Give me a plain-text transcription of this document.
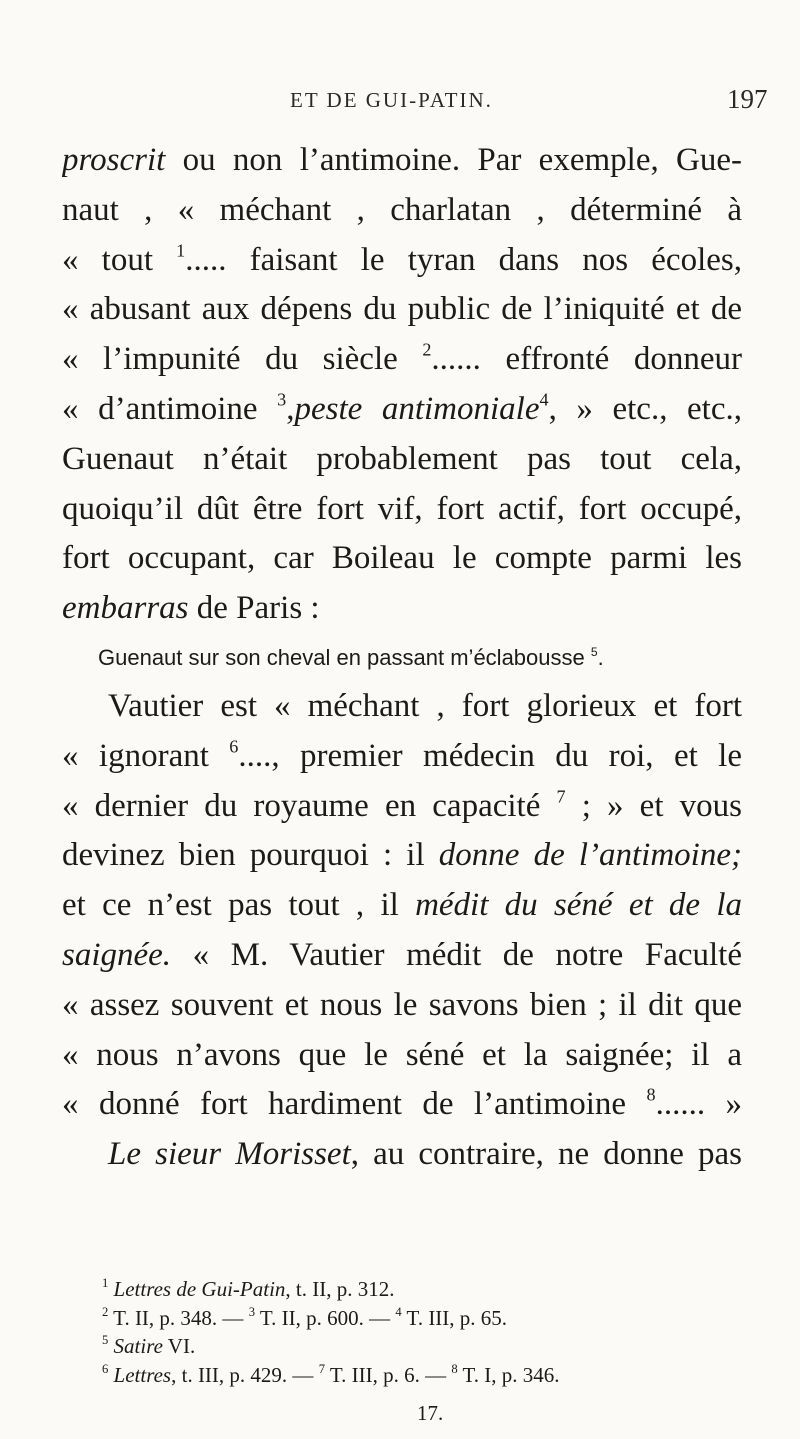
ET DE GUI-PATIN.	197
proscrit ou non l’antimoine. Par exemple, Gue-
naut , « méchant , charlatan , déterminé à
« tout $^1$..... faisant le tyran dans nos écoles,
« abusant aux dépens du public de l’iniquité et de
« l’impunité du siècle $^2$...... effronté donneur
« d’antimoine $^3$,peste antimoniale$^4$, » etc., etc.,
Guenaut n’était probablement pas tout cela,
quoiqu’il dût être fort vif, fort actif, fort occupé,
fort occupant, car Boileau le compte parmi les
embarras de Paris :
Guenaut sur son cheval en passant m’éclabousse $^5$.
Vautier est « méchant , fort glorieux et fort
« ignorant $^6$...., premier médecin du roi, et le
« dernier du royaume en capacité $^7$ ; » et vous
devinez bien pourquoi : il donne de l’antimoine;
et ce n’est pas tout , il médit du séné et de la
saignée. « M. Vautier médit de notre Faculté
« assez souvent et nous le savons bien ; il dit que
« nous n’avons que le séné et la saignée; il a
« donné fort hardiment de l’antimoine $^8$...... »
Le sieur Morisset, au contraire, ne donne pas
$^1$ Lettres de Gui-Patin, t. II, p. 312.
$^2$ T. II, p. 348. — $^3$ T. II, p. 600. — $^4$ T. III, p. 65.
$^5$ Satire VI.
$^6$ Lettres, t. III, p. 429. — $^7$ T. III, p. 6. — $^8$ T. I, p. 346.
17.
